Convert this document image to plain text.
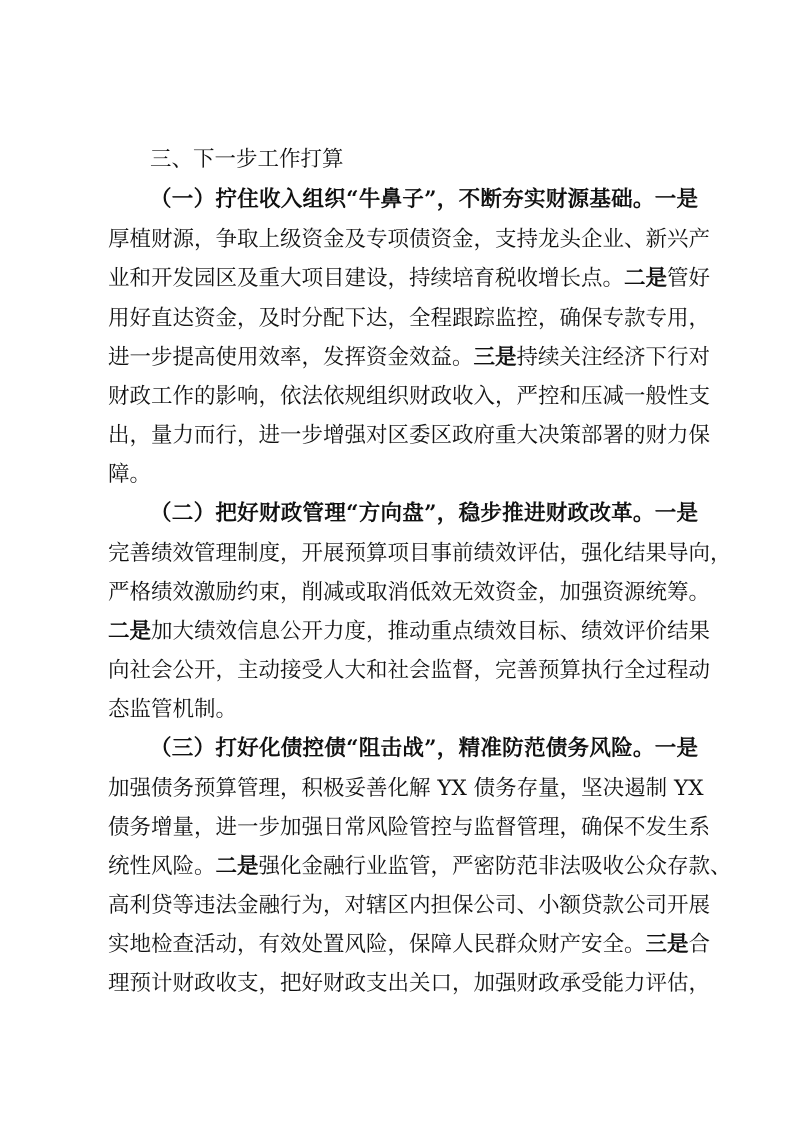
三、下一步工作打算
（一）拧住收入组织“牛鼻子”，不断夯实财源基础。一是
厚植财源，争取上级资金及专项债资金，支持龙头企业、新兴产
业和开发园区及重大项目建设，持续培育税收增长点。二是管好
用好直达资金，及时分配下达，全程跟踪监控，确保专款专用，
进一步提高使用效率，发挥资金效益。三是持续关注经济下行对
财政工作的影响，依法依规组织财政收入，严控和压减一般性支
出，量力而行，进一步增强对区委区政府重大决策部署的财力保
障。
（二）把好财政管理“方向盘”，稳步推进财政改革。一是
完善绩效管理制度，开展预算项目事前绩效评估，强化结果导向，
严格绩效激励约束，削减或取消低效无效资金，加强资源统筹。
二是加大绩效信息公开力度，推动重点绩效目标、绩效评价结果
向社会公开，主动接受人大和社会监督，完善预算执行全过程动
态监管机制。
（三）打好化债控债“阻击战”，精准防范债务风险。一是
加强债务预算管理，积极妥善化解 YX 债务存量，坚决遏制 YX
债务增量，进一步加强日常风险管控与监督管理，确保不发生系
统性风险。二是强化金融行业监管，严密防范非法吸收公众存款、
高利贷等违法金融行为，对辖区内担保公司、小额贷款公司开展
实地检查活动，有效处置风险，保障人民群众财产安全。三是合
理预计财政收支，把好财政支出关口，加强财政承受能力评估，
